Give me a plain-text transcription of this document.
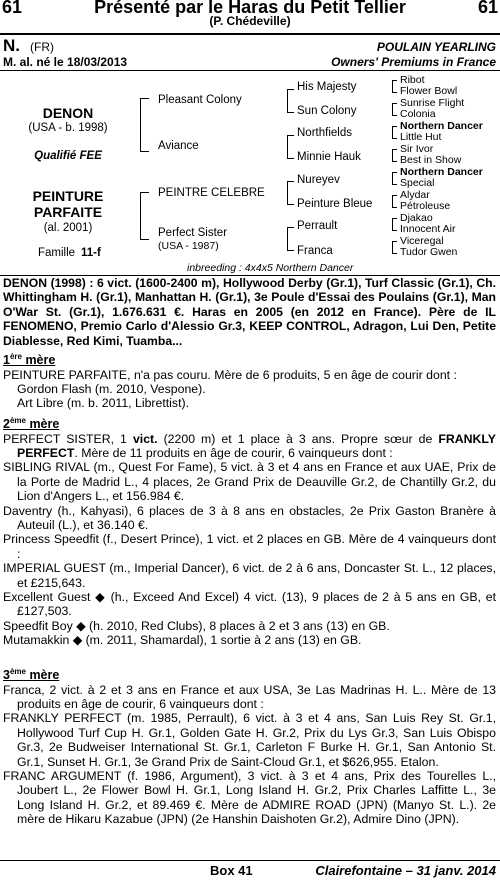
61	Présenté par le Haras du Petit Tellier	61
(P. Chédeville)
N. (FR)	POULAIN YEARLING
M. al. né le 18/03/2013	Owners' Premiums in France
DENON
(USA - b. 1998)
Qualifié FEE
PEINTURE
PARFAITE
(al. 2001)
Famille 11-f
Pleasant Colony
Aviance
PEINTRE CELEBRE
Perfect Sister
(USA - 1987)
His Majesty
Sun Colony
Northfields
Minnie Hauk
Nureyev
Peinture Bleue
Perrault
Franca
Ribot
Flower Bowl
Sunrise Flight
Colonia
Northern Dancer
Little Hut
Sir Ivor
Best in Show
Northern Dancer
Special
Alydar
Pétroleuse
Djakao
Innocent Air
Viceregal
Tudor Gwen
inbreeding : 4x4x5 Northern Dancer
DENON (1998) : 6 vict. (1600-2400 m), Hollywood Derby (Gr.1), Turf Classic (Gr.1), Ch. Whittingham H. (Gr.1), Manhattan H. (Gr.1), 3e Poule d'Essai des Poulains (Gr.1), Man O'War St. (Gr.1), 1.676.631 €. Haras en 2005 (en 2012 en France). Père de IL FENOMENO, Premio Carlo d'Alessio Gr.3, KEEP CONTROL, Adragon, Lui Den, Petite Diablesse, Red Kimi, Tuamba...

1ère mère

PEINTURE PARFAITE, n'a pas couru. Mère de 6 produits, 5 en âge de courir dont :

Gordon Flash (m. 2010, Vespone).

Art Libre (m. b. 2011, Librettist).

2ème mère

PERFECT SISTER, 1 vict. (2200 m) et 1 place à 3 ans. Propre sœur de FRANKLY PERFECT. Mère de 11 produits en âge de courir, 6 vainqueurs dont :

SIBLING RIVAL (m., Quest For Fame), 5 vict. à 3 et 4 ans en France et aux UAE, Prix de la Porte de Madrid L., 4 places, 2e Grand Prix de Deauville Gr.2, de Chantilly Gr.2, du Lion d'Angers L., et 156.984 €.

Daventry (h., Kahyasi), 6 places de 3 à 8 ans en obstacles, 2e Prix Gaston Branère à Auteuil (L.), et 36.140 €.

Princess Speedfit (f., Desert Prince), 1 vict. et 2 places en GB. Mère de 4 vainqueurs dont :

IMPERIAL GUEST (m., Imperial Dancer), 6 vict. de 2 à 6 ans, Doncaster St. L., 12 places, et £215,643.

Excellent Guest ◆ (h., Exceed And Excel) 4 vict. (13), 9 places de 2 à 5 ans en GB, et £127,503.

Speedfit Boy ◆ (h. 2010, Red Clubs), 8 places à 2 et 3 ans (13) en GB.

Mutamakkin ◆ (m. 2011, Shamardal), 1 sortie à 2 ans (13) en GB.

3ème mère

Franca, 2 vict. à 2 et 3 ans en France et aux USA, 3e Las Madrinas H. L.. Mère de 13 produits en âge de courir, 6 vainqueurs dont :

FRANKLY PERFECT (m. 1985, Perrault), 6 vict. à 3 et 4 ans, San Luis Rey St. Gr.1, Hollywood Turf Cup H. Gr.1, Golden Gate H. Gr.2, Prix du Lys Gr.3, San Luis Obispo Gr.3, 2e Budweiser International St. Gr.1, Carleton F Burke H. Gr.1, San Antonio St. Gr.1, Sunset H. Gr.1, 3e Grand Prix de Saint-Cloud Gr.1, et $626,955. Etalon.

FRANC ARGUMENT (f. 1986, Argument), 3 vict. à 3 et 4 ans, Prix des Tourelles L., Joubert L., 2e Flower Bowl H. Gr.1, Long Island H. Gr.2, Prix Charles Laffitte L., 3e Long Island H. Gr.2, et 89.469 €. Mère de ADMIRE ROAD (JPN) (Manyo St. L.). 2e mère de Hikaru Kazabue (JPN) (2e Hanshin Daishoten Gr.2), Admire Dino (JPN).

Box 41	Clairefontaine – 31 janv. 2014
